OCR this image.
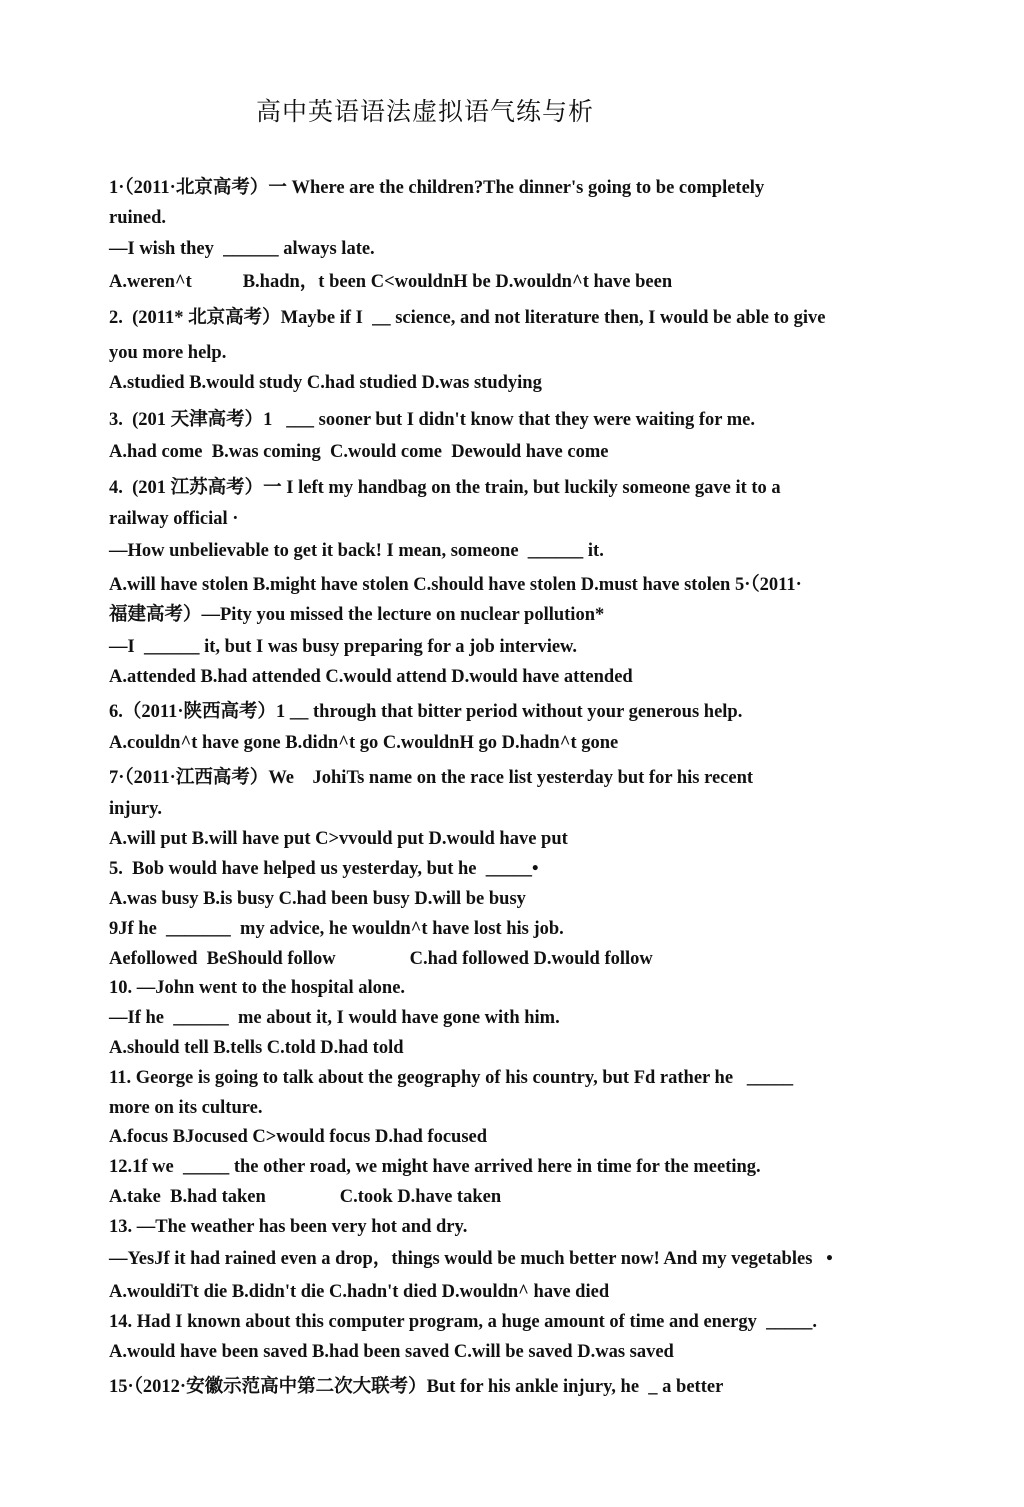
高中英语语法虚拟语气练与析
1·（2011·北京高考）一 Where are the children?The dinner's going to be completely
ruined.
—I wish they  ______ always late.
A.weren^t           B.hadn，t been C<wouldnH be D.wouldn^t have been
2.  (2011* 北京高考）Maybe if I  __ science, and not literature then, I would be able to give
you more help.
A.studied B.would study C.had studied D.was studying
3.  (201 天津高考）1   ___ sooner but I didn't know that they were waiting for me.
A.had come  B.was coming  C.would come  Dewould have come
4.  (201 江苏高考）一 I left my handbag on the train, but luckily someone gave it to a
railway official ·
—How unbelievable to get it back! I mean, someone  ______ it.
A.will have stolen B.might have stolen C.should have stolen D.must have stolen 5·（2011·
福建高考）—Pity you missed the lecture on nuclear pollution*
—I  ______ it, but I was busy preparing for a job interview.
A.attended B.had attended C.would attend D.would have attended
6.（2011·陕西高考）1 __ through that bitter period without your generous help.
A.couldn^t have gone B.didn^t go C.wouldnH go D.hadn^t gone
7·（2011·江西高考）We    JohiTs name on the race list yesterday but for his recent
injury.
A.will put B.will have put C>vvould put D.would have put
5.  Bob would have helped us yesterday, but he  _____•
A.was busy B.is busy C.had been busy D.will be busy
9Jf he  _______  my advice, he wouldn^t have lost his job.
Aefollowed  BeShould follow                C.had followed D.would follow
10. —John went to the hospital alone.
—If he  ______  me about it, I would have gone with him.
A.should tell B.tells C.told D.had told
11. George is going to talk about the geography of his country, but Fd rather he   _____
more on its culture.
A.focus BJocused C>would focus D.had focused
12.1f we  _____ the other road, we might have arrived here in time for the meeting.
A.take  B.had taken                C.took D.have taken
13. —The weather has been very hot and dry.
—YesJf it had rained even a drop，things would be much better now! And my vegetables   •
A.wouldiTt die B.didn't die C.hadn't died D.wouldn^ have died
14. Had I known about this computer program, a huge amount of time and energy  _____.
A.would have been saved B.had been saved C.will be saved D.was saved
15·（2012·安徽示范高中第二次大联考）But for his ankle injury, he  _ a better
